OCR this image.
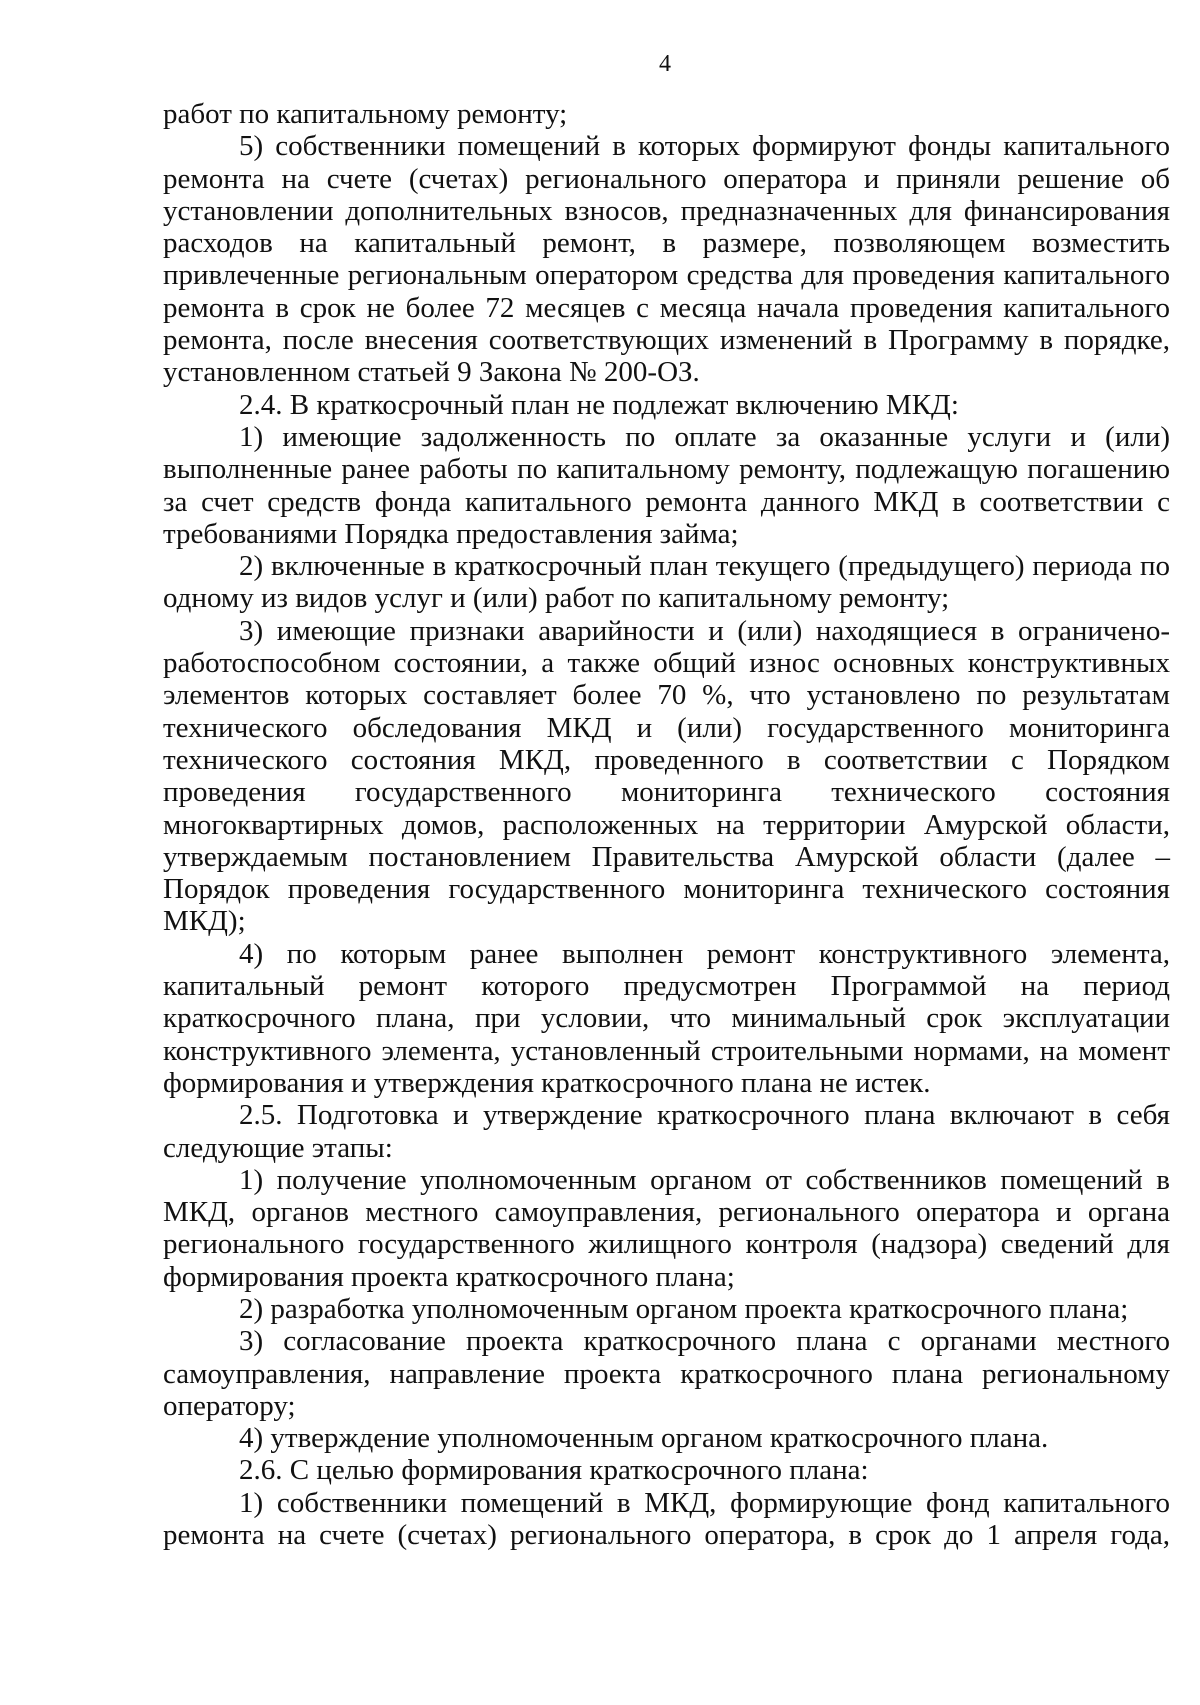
4

работ по капитальному ремонту;

5) собственники помещений в которых формируют фонды капитального ремонта на счете (счетах) регионального оператора и приняли решение об установлении дополнительных взносов, предназначенных для финансирования расходов на капитальный ремонт, в размере, позволяющем возместить привлеченные региональным оператором средства для проведения капитального ремонта в срок не более 72 месяцев с месяца начала проведения капитального ремонта, после внесения соответствующих изменений в Программу в порядке, установленном статьей 9 Закона № 200-ОЗ.

2.4. В краткосрочный план не подлежат включению МКД:

1) имеющие задолженность по оплате за оказанные услуги и (или) выполненные ранее работы по капитальному ремонту, подлежащую погашению за счет средств фонда капитального ремонта данного МКД в соответствии с требованиями Порядка предоставления займа;

2) включенные в краткосрочный план текущего (предыдущего) периода по одному из видов услуг и (или) работ по капитальному ремонту;

3) имеющие признаки аварийности и (или) находящиеся в ограничено-работоспособном состоянии, а также общий износ основных конструктивных элементов которых составляет более 70 %, что установлено по результатам технического обследования МКД и (или) государственного мониторинга технического состояния МКД, проведенного в соответствии с Порядком проведения государственного мониторинга технического состояния многоквартирных домов, расположенных на территории Амурской области, утверждаемым постановлением Правительства Амурской области (далее – Порядок проведения государственного мониторинга технического состояния МКД);

4) по которым ранее выполнен ремонт конструктивного элемента, капитальный ремонт которого предусмотрен Программой на период краткосрочного плана, при условии, что минимальный срок эксплуатации конструктивного элемента, установленный строительными нормами, на момент формирования и утверждения краткосрочного плана не истек.

2.5. Подготовка и утверждение краткосрочного плана включают в себя следующие этапы:

1) получение уполномоченным органом от собственников помещений в МКД, органов местного самоуправления, регионального оператора и органа регионального государственного жилищного контроля (надзора) сведений для формирования проекта краткосрочного плана;

2) разработка уполномоченным органом проекта краткосрочного плана;

3) согласование проекта краткосрочного плана с органами местного самоуправления, направление проекта краткосрочного плана региональному оператору;

4) утверждение уполномоченным органом краткосрочного плана.

2.6. С целью формирования краткосрочного плана:

1) собственники помещений в МКД, формирующие фонд капитального ремонта на счете (счетах) регионального оператора, в срок до 1 апреля года,
